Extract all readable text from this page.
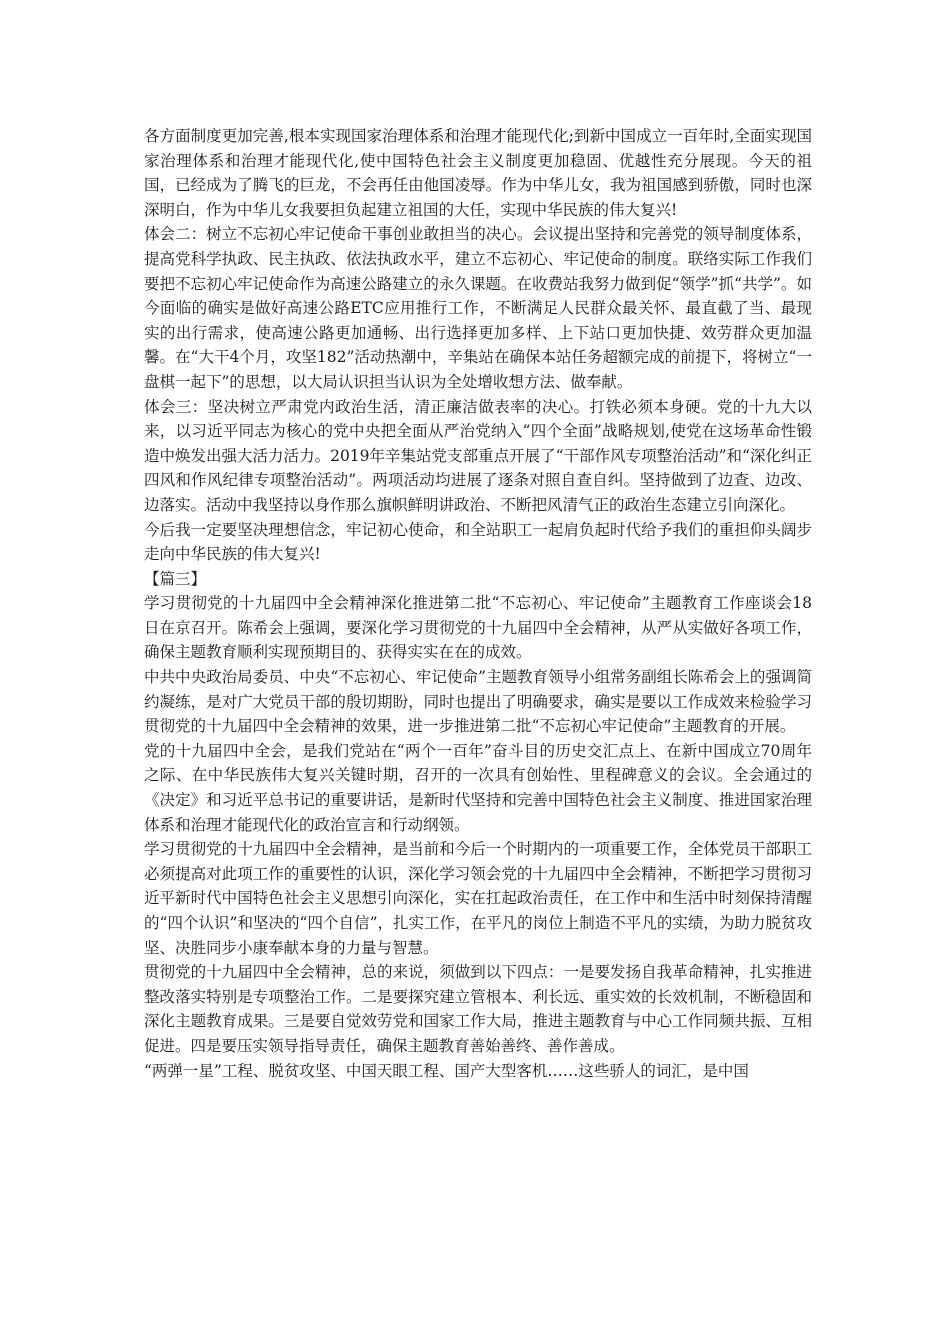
各方面制度更加完善,根本实现国家治理体系和治理才能现代化;到新中国成立一百年时,全面实现国家治理体系和治理才能现代化,使中国特色社会主义制度更加稳固、优越性充分展现。今天的祖国，已经成为了腾飞的巨龙，不会再任由他国凌辱。作为中华儿女，我为祖国感到骄傲，同时也深深明白，作为中华儿女我要担负起建立祖国的大任，实现中华民族的伟大复兴!

体会二：树立不忘初心牢记使命干事创业敢担当的决心。会议提出坚持和完善党的领导制度体系，提高党科学执政、民主执政、依法执政水平，建立不忘初心、牢记使命的制度。联络实际工作我们要把不忘初心牢记使命作为高速公路建立的永久课题。在收费站我努力做到促“领学”抓“共学”。如今面临的确实是做好高速公路ETC应用推行工作，不断满足人民群众最关怀、最直截了当、最现实的出行需求，使高速公路更加通畅、出行选择更加多样、上下站口更加快捷、效劳群众更加温馨。在“大干4个月，攻坚182”活动热潮中，辛集站在确保本站任务超额完成的前提下，将树立“一盘棋一起下”的思想，以大局认识担当认识为全处增收想方法、做奉献。

体会三：坚决树立严肃党内政治生活，清正廉洁做表率的决心。打铁必须本身硬。党的十九大以来，以习近平同志为核心的党中央把全面从严治党纳入“四个全面”战略规划,使党在这场革命性锻造中焕发出强大活力活力。2019年辛集站党支部重点开展了“干部作风专项整治活动”和“深化纠正四风和作风纪律专项整治活动”。两项活动均进展了逐条对照自查自纠。坚持做到了边查、边改、边落实。活动中我坚持以身作那么旗帜鲜明讲政治、不断把风清气正的政治生态建立引向深化。

今后我一定要坚决理想信念，牢记初心使命，和全站职工一起肩负起时代给予我们的重担仰头阔步走向中华民族的伟大复兴!

【篇三】

学习贯彻党的十九届四中全会精神深化推进第二批“不忘初心、牢记使命”主题教育工作座谈会18日在京召开。陈希会上强调，要深化学习贯彻党的十九届四中全会精神，从严从实做好各项工作，确保主题教育顺利实现预期目的、获得实实在在的成效。

中共中央政治局委员、中央“不忘初心、牢记使命”主题教育领导小组常务副组长陈希会上的强调简约凝练，是对广大党员干部的殷切期盼，同时也提出了明确要求，确实是要以工作成效来检验学习贯彻党的十九届四中全会精神的效果，进一步推进第二批“不忘初心牢记使命”主题教育的开展。

党的十九届四中全会，是我们党站在“两个一百年”奋斗目的历史交汇点上、在新中国成立70周年之际、在中华民族伟大复兴关键时期，召开的一次具有创始性、里程碑意义的会议。全会通过的《决定》和习近平总书记的重要讲话，是新时代坚持和完善中国特色社会主义制度、推进国家治理体系和治理才能现代化的政治宣言和行动纲领。

学习贯彻党的十九届四中全会精神，是当前和今后一个时期内的一项重要工作，全体党员干部职工必须提高对此项工作的重要性的认识，深化学习领会党的十九届四中全会精神，不断把学习贯彻习近平新时代中国特色社会主义思想引向深化，实在扛起政治责任，在工作中和生活中时刻保持清醒的“四个认识”和坚决的“四个自信”，扎实工作，在平凡的岗位上制造不平凡的实绩，为助力脱贫攻坚、决胜同步小康奉献本身的力量与智慧。

贯彻党的十九届四中全会精神，总的来说，须做到以下四点：一是要发扬自我革命精神，扎实推进整改落实特别是专项整治工作。二是要探究建立管根本、利长远、重实效的长效机制，不断稳固和深化主题教育成果。三是要自觉效劳党和国家工作大局，推进主题教育与中心工作同频共振、互相促进。四是要压实领导指导责任，确保主题教育善始善终、善作善成。

“两弹一星”工程、脱贫攻坚、中国天眼工程、国产大型客机……这些骄人的词汇，是中国
